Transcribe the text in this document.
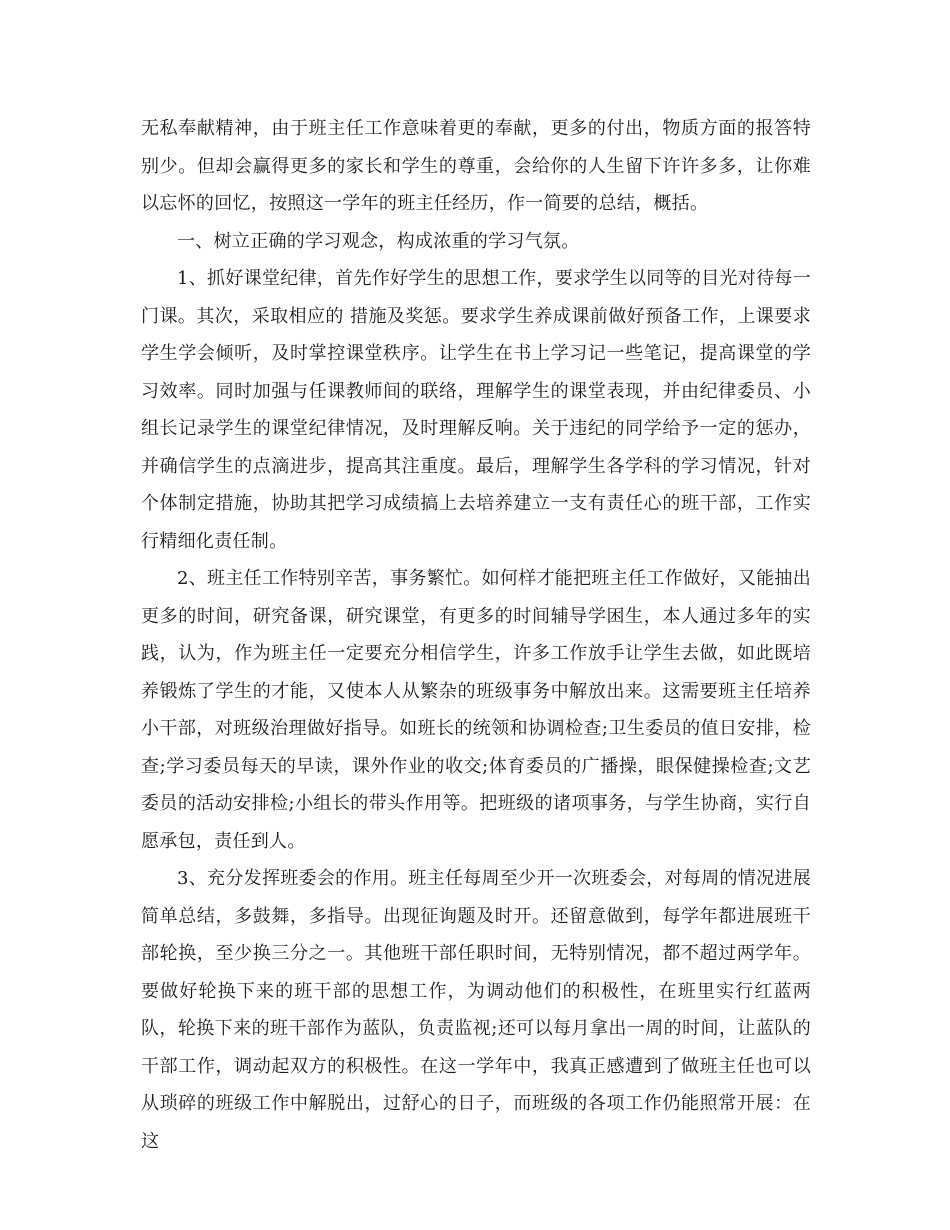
无私奉献精神，由于班主任工作意味着更的奉献，更多的付出，物质方面的报答特别少。但却会赢得更多的家长和学生的尊重，会给你的人生留下许许多多，让你难以忘怀的回忆，按照这一学年的班主任经历，作一简要的总结，概括。

一、树立正确的学习观念，构成浓重的学习气氛。

1、抓好课堂纪律，首先作好学生的思想工作，要求学生以同等的目光对待每一门课。其次，采取相应的 措施及奖惩。要求学生养成课前做好预备工作，上课要求学生学会倾听，及时掌控课堂秩序。让学生在书上学习记一些笔记，提高课堂的学习效率。同时加强与任课教师间的联络，理解学生的课堂表现，并由纪律委员、小组长记录学生的课堂纪律情况，及时理解反响。关于违纪的同学给予一定的惩办，并确信学生的点滴进步，提高其注重度。最后，理解学生各学科的学习情况，针对个体制定措施，协助其把学习成绩搞上去培养建立一支有责任心的班干部，工作实行精细化责任制。

2、班主任工作特别辛苦，事务繁忙。如何样才能把班主任工作做好，又能抽出更多的时间，研究备课，研究课堂，有更多的时间辅导学困生，本人通过多年的实践，认为，作为班主任一定要充分相信学生，许多工作放手让学生去做，如此既培养锻炼了学生的才能，又使本人从繁杂的班级事务中解放出来。这需要班主任培养小干部，对班级治理做好指导。如班长的统领和协调检查;卫生委员的值日安排，检查;学习委员每天的早读，课外作业的收交;体育委员的广播操，眼保健操检查;文艺委员的活动安排检;小组长的带头作用等。把班级的诸项事务，与学生协商，实行自愿承包，责任到人。

3、充分发挥班委会的作用。班主任每周至少开一次班委会，对每周的情况进展简单总结，多鼓舞，多指导。出现征询题及时开。还留意做到，每学年都进展班干部轮换，至少换三分之一。其他班干部任职时间，无特别情况，都不超过两学年。要做好轮换下来的班干部的思想工作，为调动他们的积极性，在班里实行红蓝两队，轮换下来的班干部作为蓝队，负责监视;还可以每月拿出一周的时间，让蓝队的干部工作，调动起双方的积极性。在这一学年中，我真正感遭到了做班主任也可以从琐碎的班级工作中解脱出，过舒心的日子，而班级的各项工作仍能照常开展：在这
